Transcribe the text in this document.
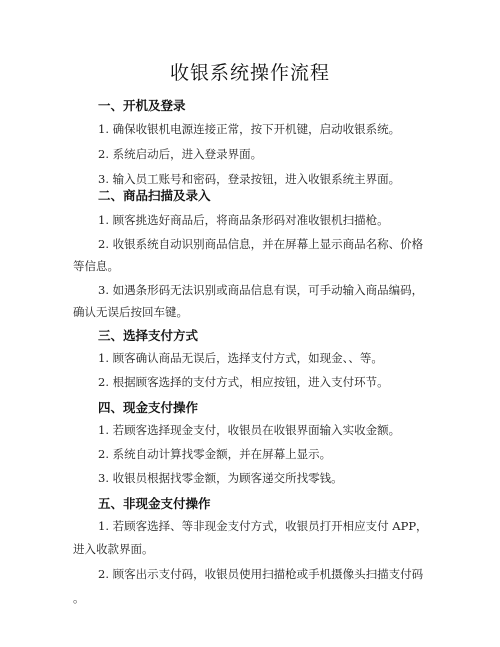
收银系统操作流程
一、开机及登录
1. 确保收银机电源连接正常，按下开机键，启动收银系统。
2. 系统启动后，进入登录界面。
3. 输入员工账号和密码，登录按钮，进入收银系统主界面。
二、商品扫描及录入
1. 顾客挑选好商品后，将商品条形码对准收银机扫描枪。
2. 收银系统自动识别商品信息，并在屏幕上显示商品名称、价格
等信息。
3. 如遇条形码无法识别或商品信息有误，可手动输入商品编码，
确认无误后按回车键。
三、选择支付方式
1. 顾客确认商品无误后，选择支付方式，如现金、、等。
2. 根据顾客选择的支付方式，相应按钮，进入支付环节。
四、现金支付操作
1. 若顾客选择现金支付，收银员在收银界面输入实收金额。
2. 系统自动计算找零金额，并在屏幕上显示。
3. 收银员根据找零金额，为顾客递交所找零钱。
五、非现金支付操作
1. 若顾客选择、等非现金支付方式，收银员打开相应支付 APP，
进入收款界面。
2. 顾客出示支付码，收银员使用扫描枪或手机摄像头扫描支付码
。
